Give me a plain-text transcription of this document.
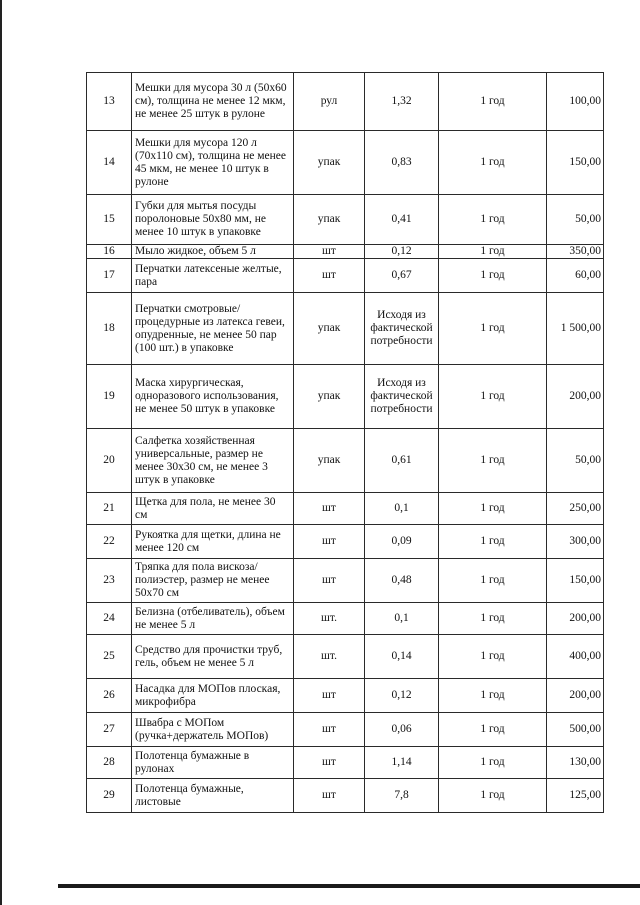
13	Мешки для мусора 30 л (50х60 см), толщина не менее 12 мкм, не менее 25 штук в рулоне	рул	1,32	1 год	100,00
14	Мешки для мусора 120 л (70х110 см), толщина не менее 45 мкм, не менее 10 штук в рулоне	упак	0,83	1 год	150,00
15	Губки для мытья посуды поролоновые 50х80 мм, не менее 10 штук в упаковке	упак	0,41	1 год	50,00
16	Мыло жидкое, объем 5 л	шт	0,12	1 год	350,00
17	Перчатки латексеные желтые, пара	шт	0,67	1 год	60,00
18	Перчатки смотровые/процедурные из латекса гевеи, опудренные, не менее 50 пар (100 шт.) в упаковке	упак	Исходя из фактической потребности	1 год	1 500,00
19	Маска хирургическая, одноразового использования, не менее 50 штук в упаковке	упак	Исходя из фактической потребности	1 год	200,00
20	Салфетка хозяйственная универсальные, размер не менее 30х30 см, не менее 3 штук в упаковке	упак	0,61	1 год	50,00
21	Щетка для пола, не менее 30 см	шт	0,1	1 год	250,00
22	Рукоятка для щетки, длина не менее 120 см	шт	0,09	1 год	300,00
23	Тряпка для пола вискоза/полиэстер, размер не менее 50х70 см	шт	0,48	1 год	150,00
24	Белизна (отбеливатель), объем не менее 5 л	шт.	0,1	1 год	200,00
25	Средство для прочистки труб, гель, объем не менее 5 л	шт.	0,14	1 год	400,00
26	Насадка для МОПов плоская, микрофибра	шт	0,12	1 год	200,00
27	Швабра с МОПом (ручка+держатель МОПов)	шт	0,06	1 год	500,00
28	Полотенца бумажные в рулонах	шт	1,14	1 год	130,00
29	Полотенца бумажные, листовые	шт	7,8	1 год	125,00
